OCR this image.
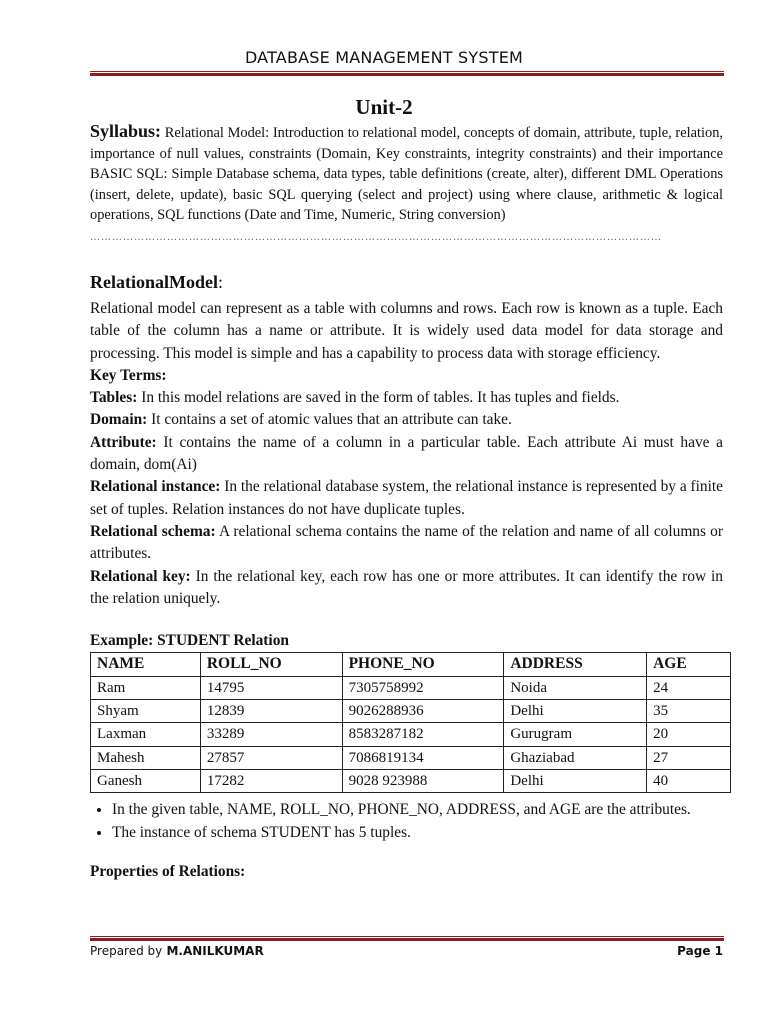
DATABASE MANAGEMENT SYSTEM
Unit-2
Syllabus: Relational Model: Introduction to relational model, concepts of domain, attribute, tuple, relation, importance of null values, constraints (Domain, Key constraints, integrity constraints) and their importance BASIC SQL: Simple Database schema, data types, table definitions (create, alter), different DML Operations (insert, delete, update), basic SQL querying (select and project) using where clause, arithmetic & logical operations, SQL functions (Date and Time, Numeric, String conversion)
…………………………………………………………………………………………………………………………………………
RelationalModel:

Relational model can represent as a table with columns and rows. Each row is known as a tuple. Each table of the column has a name or attribute. It is widely used data model for data storage and processing. This model is simple and has a capability to process data with storage efficiency.

Key Terms:

Tables: In this model relations are saved in the form of tables. It has tuples and fields.

Domain: It contains a set of atomic values that an attribute can take.

Attribute: It contains the name of a column in a particular table. Each attribute Ai must have a domain, dom(Ai)

Relational instance: In the relational database system, the relational instance is represented by a finite set of tuples. Relation instances do not have duplicate tuples.

Relational schema: A relational schema contains the name of the relation and name of all columns or attributes.

Relational key: In the relational key, each row has one or more attributes. It can identify the row in the relation uniquely.

Example: STUDENT Relation

NAME	ROLL_NO	PHONE_NO	ADDRESS	AGE
Ram	14795	7305758992	Noida	24
Shyam	12839	9026288936	Delhi	35
Laxman	33289	8583287182	Gurugram	20
Mahesh	27857	7086819134	Ghaziabad	27
Ganesh	17282	9028 923988	Delhi	40
• In the given table, NAME, ROLL_NO, PHONE_NO, ADDRESS, and AGE are the attributes.
• The instance of schema STUDENT has 5 tuples.

Properties of Relations:

Prepared by M.ANILKUMAR	Page 1
